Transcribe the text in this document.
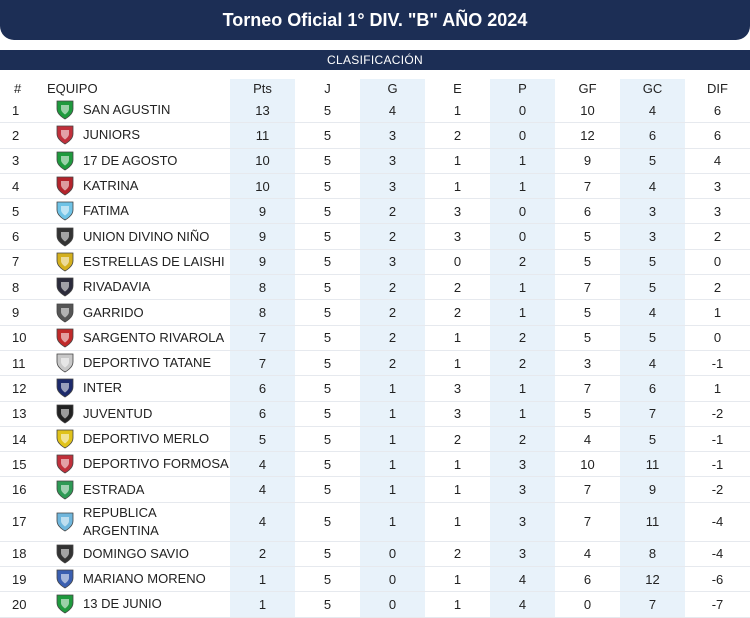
Torneo Oficial 1° DIV. "B" AÑO 2024
CLASIFICACIÓN
#	EQUIPO	Pts	J	G	E	P	GF	GC	DIF
1	SAN AGUSTIN	13	5	4	1	0	10	4	6
2	JUNIORS	11	5	3	2	0	12	6	6
3	17 DE AGOSTO	10	5	3	1	1	9	5	4
4	KATRINA	10	5	3	1	1	7	4	3
5	FATIMA	9	5	2	3	0	6	3	3
6	UNION DIVINO NIÑO	9	5	2	3	0	5	3	2
7	ESTRELLAS DE LAISHI	9	5	3	0	2	5	5	0
8	RIVADAVIA	8	5	2	2	1	7	5	2
9	GARRIDO	8	5	2	2	1	5	4	1
10	SARGENTO RIVAROLA	7	5	2	1	2	5	5	0
11	DEPORTIVO TATANE	7	5	2	1	2	3	4	-1
12	INTER	6	5	1	3	1	7	6	1
13	JUVENTUD	6	5	1	3	1	5	7	-2
14	DEPORTIVO MERLO	5	5	1	2	2	4	5	-1
15	DEPORTIVO FORMOSA	4	5	1	1	3	10	11	-1
16	ESTRADA	4	5	1	1	3	7	9	-2
17	REPUBLICA
ARGENTINA	4	5	1	1	3	7	11	-4
18	DOMINGO SAVIO	2	5	0	2	3	4	8	-4
19	MARIANO MORENO	1	5	0	1	4	6	12	-6
20	13 DE JUNIO	1	5	0	1	4	0	7	-7
